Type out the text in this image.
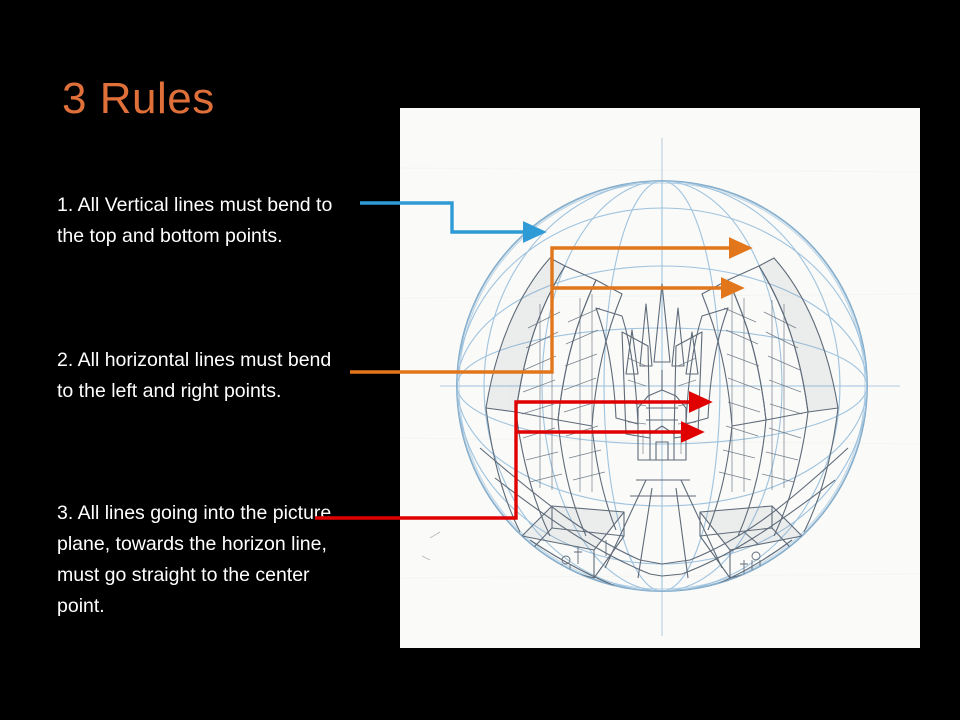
3 Rules
1. All Vertical lines must bend to the top and bottom points.
2. All horizontal lines must bend to the left and right points.
3. All lines going into the picture plane, towards the horizon line, must go straight to the center point.
